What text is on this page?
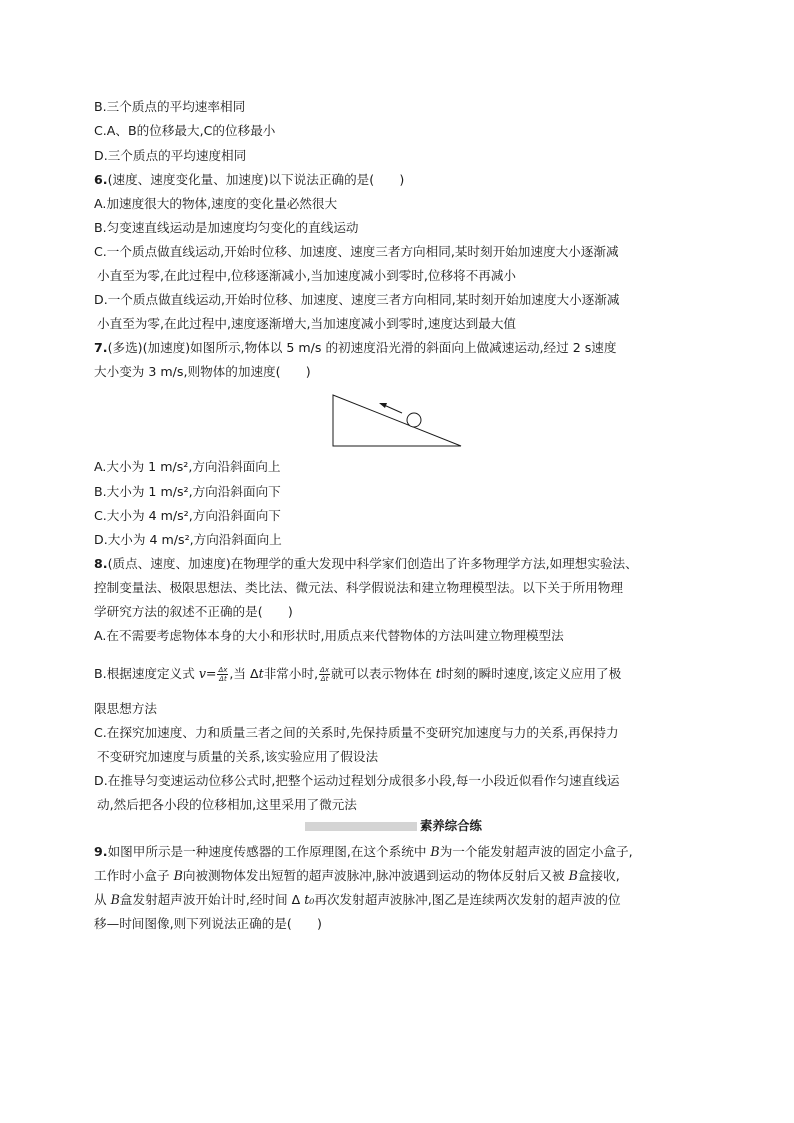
B.三个质点的平均速率相同
C.A、B的位移最大,C的位移最小
D.三个质点的平均速度相同
6.(速度、速度变化量、加速度)以下说法正确的是(　　)
A.加速度很大的物体,速度的变化量必然很大
B.匀变速直线运动是加速度均匀变化的直线运动
C.一个质点做直线运动,开始时位移、加速度、速度三者方向相同,某时刻开始加速度大小逐渐减
小直至为零,在此过程中,位移逐渐减小,当加速度减小到零时,位移将不再减小
D.一个质点做直线运动,开始时位移、加速度、速度三者方向相同,某时刻开始加速度大小逐渐减
小直至为零,在此过程中,速度逐渐增大,当加速度减小到零时,速度达到最大值
7.(多选)(加速度)如图所示,物体以 5 m/s 的初速度沿光滑的斜面向上做减速运动,经过 2 s速度
大小变为 3 m/s,则物体的加速度(　　)
A.大小为 1 m/s²,方向沿斜面向上
B.大小为 1 m/s²,方向沿斜面向下
C.大小为 4 m/s²,方向沿斜面向下
D.大小为 4 m/s²,方向沿斜面向上
8.(质点、速度、加速度)在物理学的重大发现中科学家们创造出了许多物理学方法,如理想实验法、
控制变量法、极限思想法、类比法、微元法、科学假说法和建立物理模型法。以下关于所用物理
学研究方法的叙述不正确的是(　　)
A.在不需要考虑物体本身的大小和形状时,用质点来代替物体的方法叫建立物理模型法
B.根据速度定义式 $v= \frac{\Delta x}{\Delta t}$ ,当 Δt非常小时, $\frac{\Delta x}{\Delta t}$ 就可以表示物体在 t时刻的瞬时速度,该定义应用了极
限思想方法
C.在探究加速度、力和质量三者之间的关系时,先保持质量不变研究加速度与力的关系,再保持力
不变研究加速度与质量的关系,该实验应用了假设法
D.在推导匀变速运动位移公式时,把整个运动过程划分成很多小段,每一小段近似看作匀速直线运
动,然后把各小段的位移相加,这里采用了微元法
素养综合练
9.如图甲所示是一种速度传感器的工作原理图,在这个系统中 B为一个能发射超声波的固定小盒子,
工作时小盒子 B向被测物体发出短暂的超声波脉冲,脉冲波遇到运动的物体反射后又被 B盒接收,
从 B盒发射超声波开始计时,经时间 Δ t₀再次发射超声波脉冲,图乙是连续两次发射的超声波的位
移—时间图像,则下列说法正确的是(　　)
